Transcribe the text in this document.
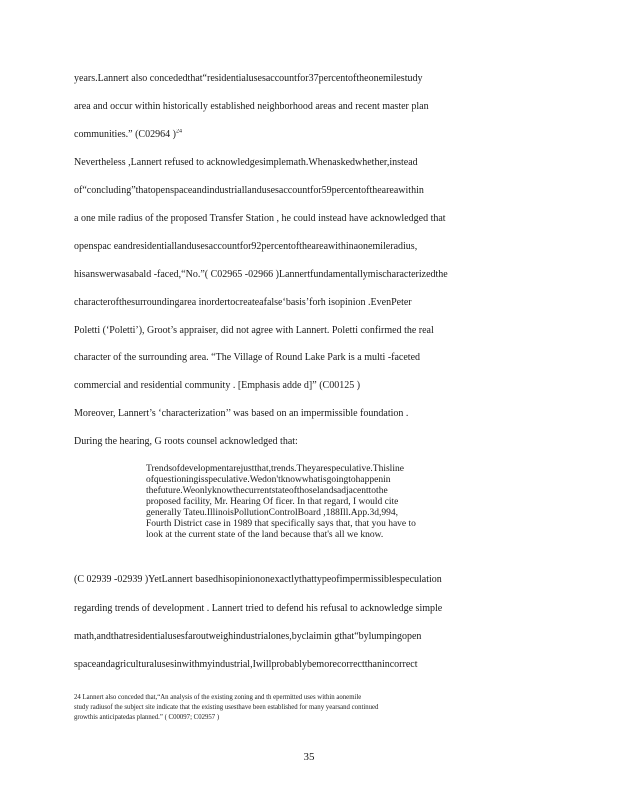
years.Lannert also concededthat“residentialusesaccountfor37percentoftheonemilestudy
area and occur within historically established neighborhood areas and recent master plan
communities.” (C02964 )$^{24}$
Nevertheless ,Lannert refused to acknowledgesimplemath.Whenaskedwhether,instead
of“concluding”thatopenspaceandindustriallandusesaccountfor59percentoftheareawithin
a one mile radius of the proposed Transfer Station , he could instead have acknowledged that
openspac eandresidentiallandusesaccountfor92percentoftheareawithinaonemileradius,
hisanswerwasabald -faced,“No.”( C02965 -02966 )Lannertfundamentallymischaracterizedthe
characterofthesurroundingarea inordertocreateafalse‘basis’forh isopinion .EvenPeter
Poletti (‘Poletti’), Groot’s appraiser, did not agree with Lannert. Poletti confirmed the real
character of the surrounding area. “The Village of Round Lake Park is a multi -faceted
commercial and residential community . [Emphasis adde d]” (C00125 )
Moreover, Lannert’s ‘characterization’’ was based on an impermissible foundation .
During the hearing, G roots counsel acknowledged that:
Trendsofdevelopmentarejustthat,trends.Theyarespeculative.Thisline
ofquestioningisspeculative.Wedon'tknowwhatisgoingtohappenin
thefuture.Weonlyknowthecurrentstateofthoselandsadjacenttothe
proposed facility, Mr. Hearing Of ficer. In that regard, I would cite
generally Tateu.IllinoisPollutionControlBoard ,188Ill.App.3d,994,
Fourth District case in 1989 that specifically says that, that you have to
look at the current state of the land because that's all we know.
(C 02939 -02939 )YetLannert basedhisopiniononexactlythattypeofimpermissiblespeculation
regarding trends of development . Lannert tried to defend his refusal to acknowledge simple
math,andthatresidentialusesfaroutweighindustrialones,byclaimin gthat“bylumpingopen
spaceandagriculturalusesinwithmyindustrial,Iwillprobablybemorecorrectthanincorrect
24 Lannert also conceded that,“An analysis of the existing zoning and th epermitted uses within aonemile
study radiusof the subject site indicate that the existing usesthave been established for many yearsand continued
growthis anticipatedas planned.” ( C00097; C02957 )
35
